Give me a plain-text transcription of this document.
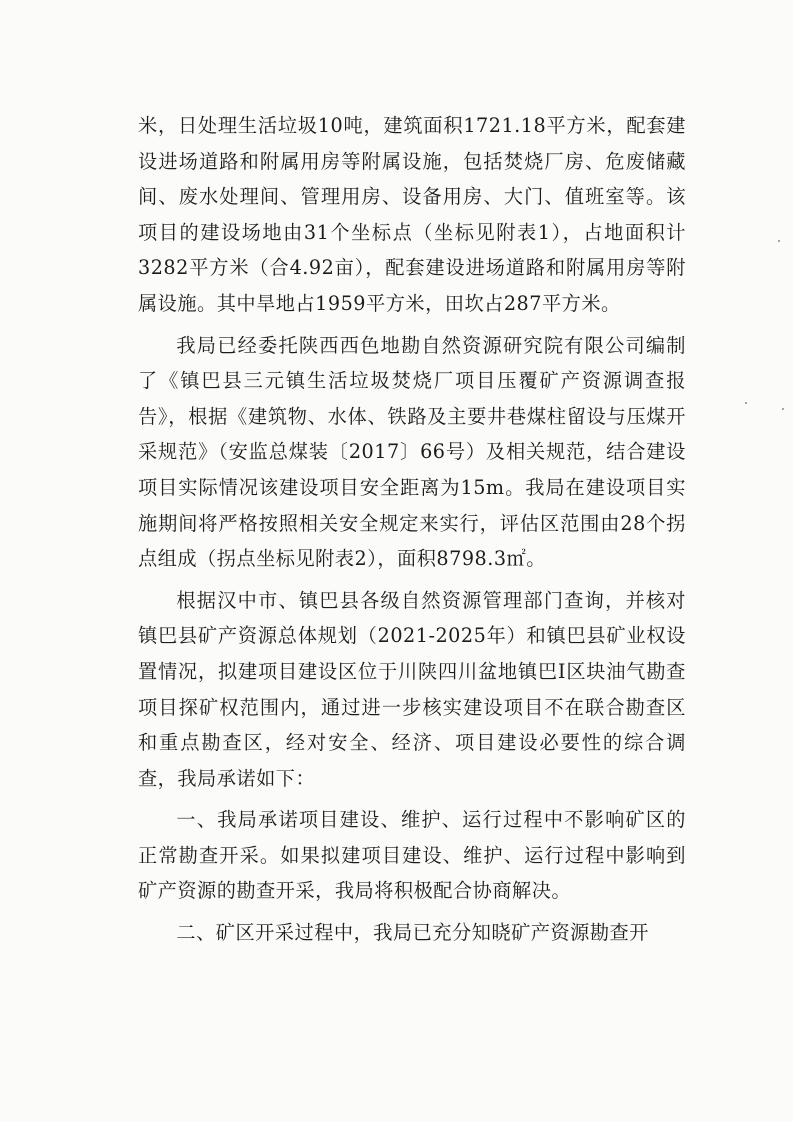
米，日处理生活垃圾10吨，建筑面积1721.18平方米，配套建设进场道路和附属用房等附属设施，包括焚烧厂房、危废储藏间、废水处理间、管理用房、设备用房、大门、值班室等。该项目的建设场地由31个坐标点（坐标见附表1），占地面积计3282平方米（合4.92亩），配套建设进场道路和附属用房等附属设施。其中旱地占1959平方米，田坎占287平方米。

我局已经委托陕西西色地勘自然资源研究院有限公司编制了《镇巴县三元镇生活垃圾焚烧厂项目压覆矿产资源调查报告》，根据《建筑物、水体、铁路及主要井巷煤柱留设与压煤开采规范》（安监总煤装〔2017〕66号）及相关规范，结合建设项目实际情况该建设项目安全距离为15m。我局在建设项目实施期间将严格按照相关安全规定来实行，评估区范围由28个拐点组成（拐点坐标见附表2），面积8798.3㎡。

根据汉中市、镇巴县各级自然资源管理部门查询，并核对镇巴县矿产资源总体规划（2021-2025年）和镇巴县矿业权设置情况，拟建项目建设区位于川陕四川盆地镇巴Ⅰ区块油气勘查项目探矿权范围内，通过进一步核实建设项目不在联合勘查区和重点勘查区，经对安全、经济、项目建设必要性的综合调查，我局承诺如下：

一、我局承诺项目建设、维护、运行过程中不影响矿区的正常勘查开采。如果拟建项目建设、维护、运行过程中影响到矿产资源的勘查开采，我局将积极配合协商解决。

二、矿区开采过程中，我局已充分知晓矿产资源勘查开
